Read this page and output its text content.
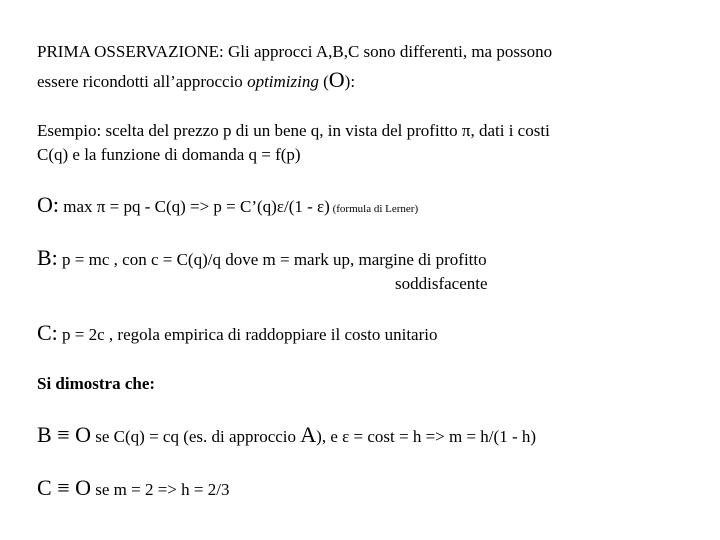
PRIMA OSSERVAZIONE: Gli approcci A,B,C sono differenti, ma possono
essere ricondotti all’approccio optimizing (O):
Esempio: scelta del prezzo p di un bene q, in vista del profitto π, dati i costi
C(q) e la funzione di domanda q = f(p)
O: max π = pq - C(q) => p = C’(q)ε/(1 - ε) (formula di Lerner)
B: p = mc , con c = C(q)/q dove m = mark up, margine di profitto
soddisfacente
C: p = 2c , regola empirica di raddoppiare il costo unitario
Si dimostra che:
B ≡ O se C(q) = cq (es. di approccio A), e ε = cost = h => m = h/(1 - h)
C ≡ O se m = 2 => h = 2/3
